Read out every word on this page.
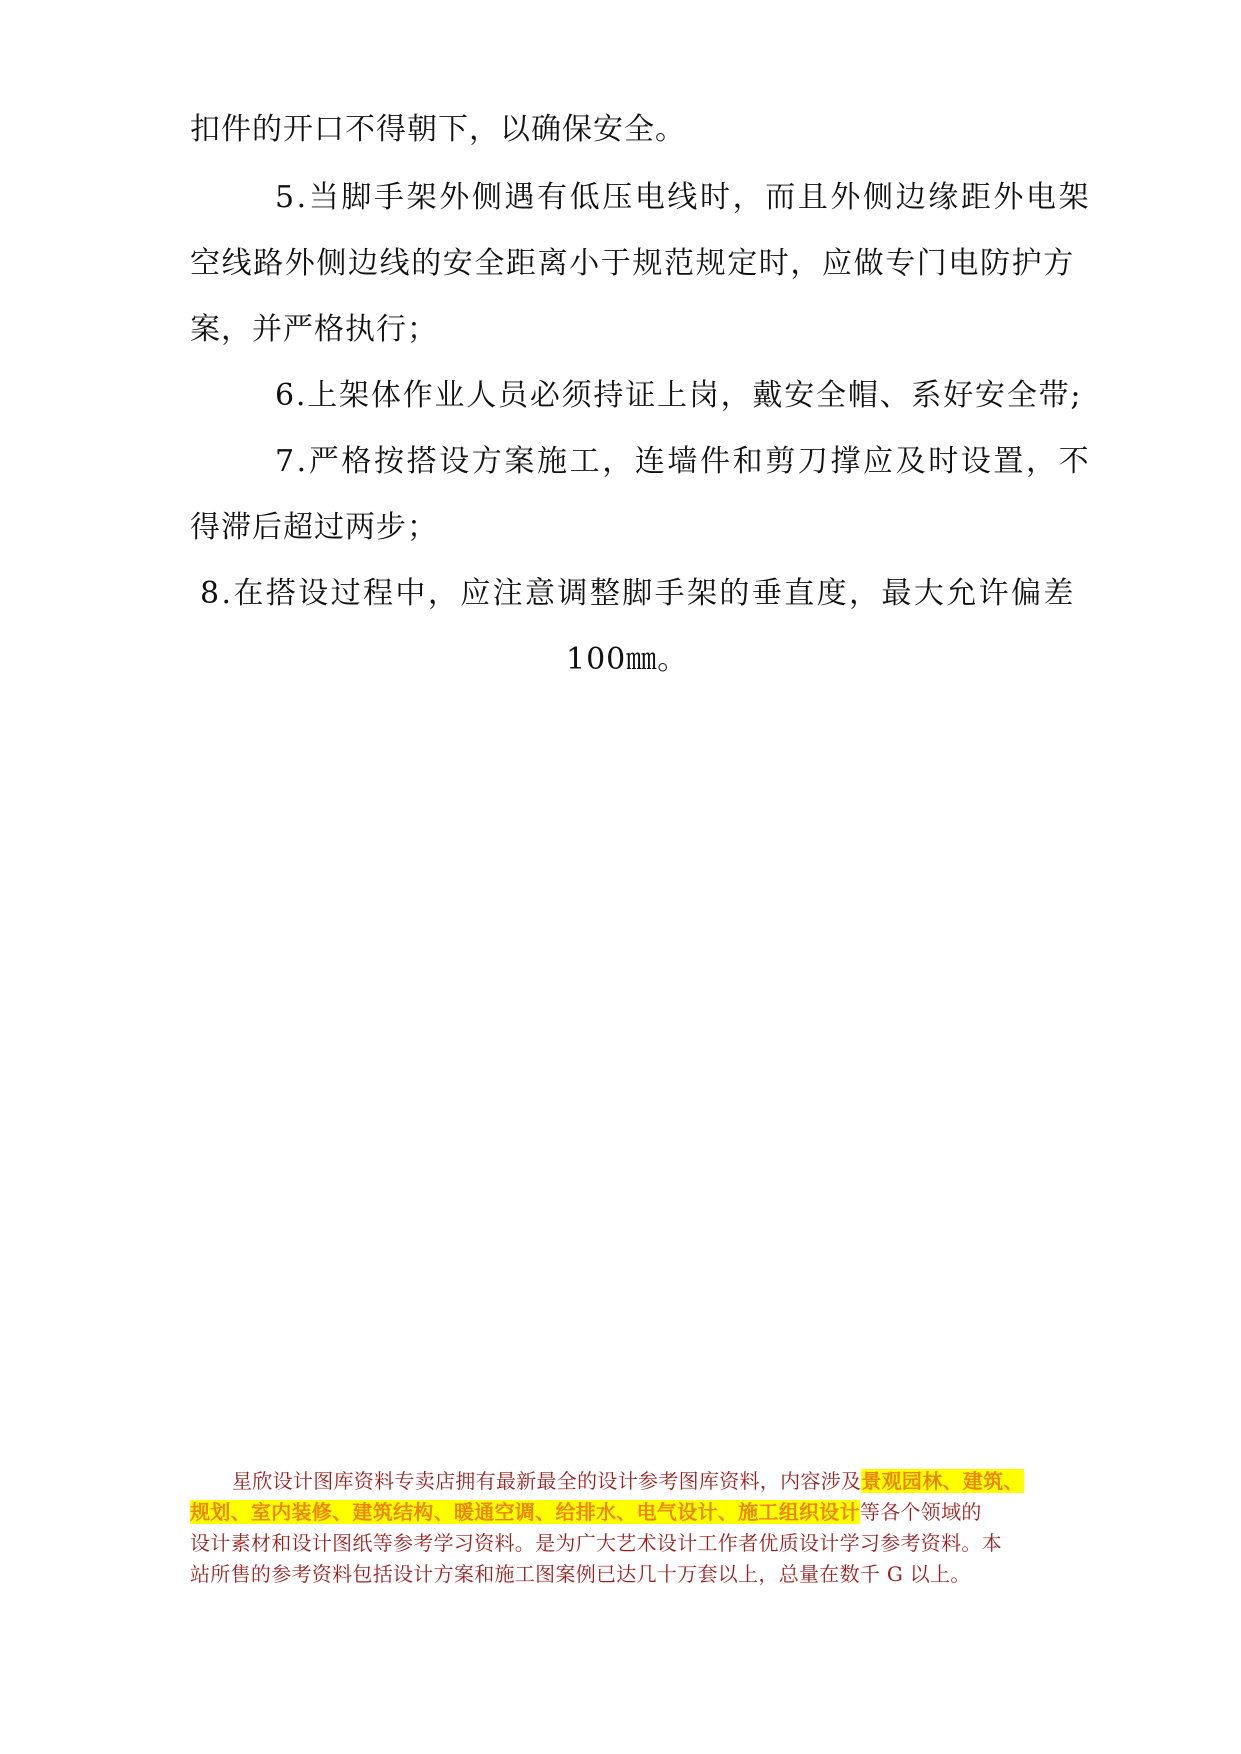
扣件的开口不得朝下，以确保安全。
5.当脚手架外侧遇有低压电线时，而且外侧边缘距外电架
空线路外侧边线的安全距离小于规范规定时，应做专门电防护方
案，并严格执行；
6.上架体作业人员必须持证上岗，戴安全帽、系好安全带;
7.严格按搭设方案施工，连墙件和剪刀撑应及时设置，不
得滞后超过两步；
8.在搭设过程中，应注意调整脚手架的垂直度，最大允许偏差
100㎜。
星欣设计图库资料专卖店拥有最新最全的设计参考图库资料，内容涉及景观园林、建筑、
规划、室内装修、建筑结构、暖通空调、给排水、电气设计、施工组织设计等各个领域的
设计素材和设计图纸等参考学习资料。是为广大艺术设计工作者优质设计学习参考资料。本
站所售的参考资料包括设计方案和施工图案例已达几十万套以上，总量在数千 G 以上。
